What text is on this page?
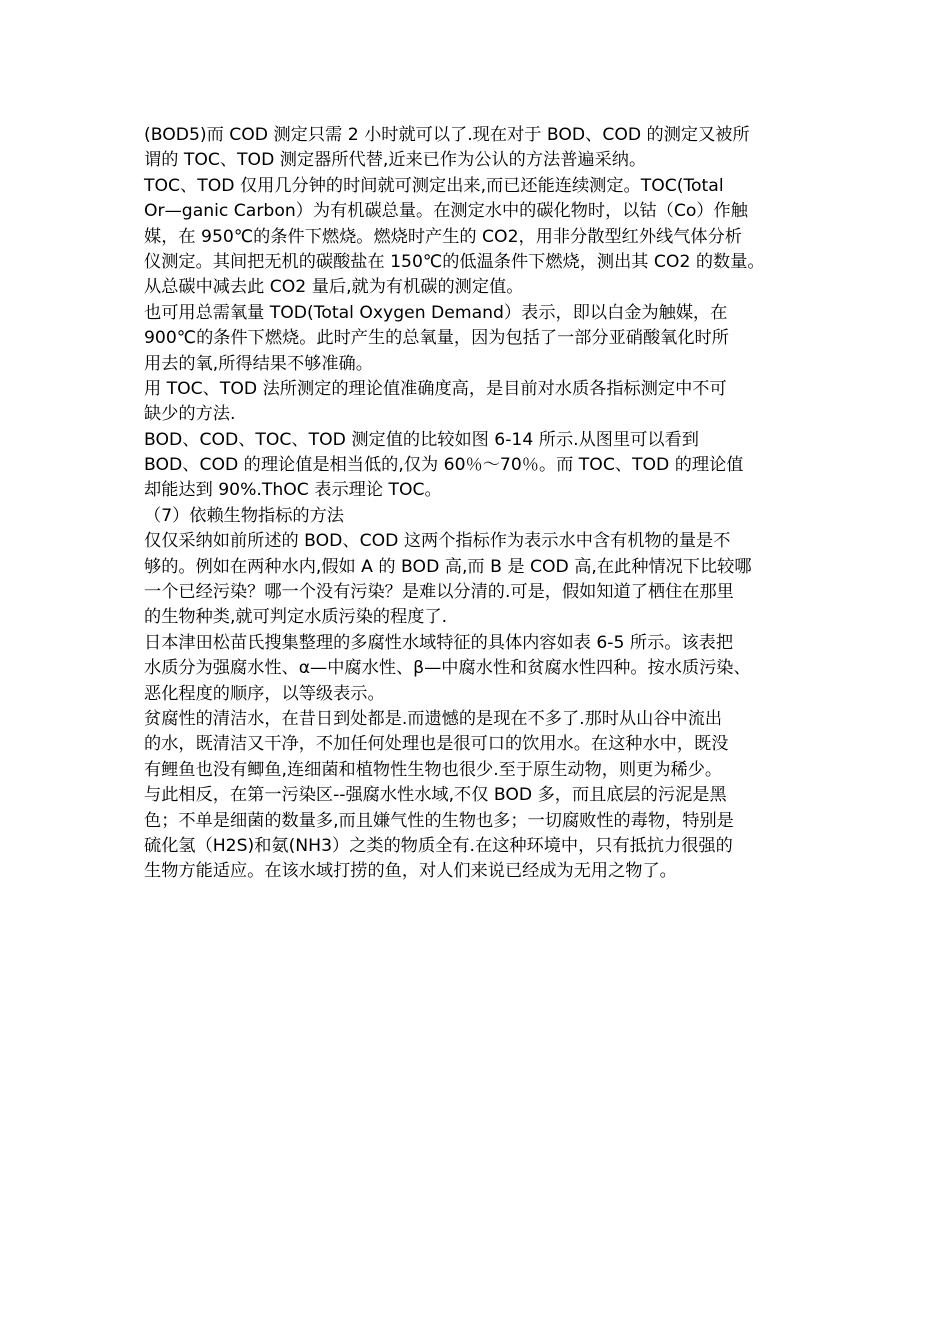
(BOD5)而 COD 测定只需 2 小时就可以了.现在对于 BOD、COD 的测定又被所
谓的 TOC、TOD 测定器所代替,近来已作为公认的方法普遍采纳。
TOC、TOD 仅用几分钟的时间就可测定出来,而已还能连续测定。TOC(Total
Or—ganic Carbon）为有机碳总量。在测定水中的碳化物时，以钴（Co）作触
媒，在 950℃的条件下燃烧。燃烧时产生的 CO2，用非分散型红外线气体分析
仪测定。其间把无机的碳酸盐在 150℃的低温条件下燃烧，测出其 CO2 的数量。
从总碳中减去此 CO2 量后,就为有机碳的测定值。
也可用总需氧量 TOD(Total Oxygen Demand）表示，即以白金为触媒，在
900℃的条件下燃烧。此时产生的总氧量，因为包括了一部分亚硝酸氧化时所
用去的氧,所得结果不够准确。
用 TOC、TOD 法所测定的理论值准确度高，是目前对水质各指标测定中不可
缺少的方法.
BOD、COD、TOC、TOD 测定值的比较如图 6-14 所示.从图里可以看到
BOD、COD 的理论值是相当低的,仅为 60％～70％。而 TOC、TOD 的理论值
却能达到 90%.ThOC 表示理论 TOC。
（7）依赖生物指标的方法
仅仅采纳如前所述的 BOD、COD 这两个指标作为表示水中含有机物的量是不
够的。例如在两种水内,假如 A 的 BOD 高,而 B 是 COD 高,在此种情况下比较哪
一个已经污染？哪一个没有污染？是难以分清的.可是，假如知道了栖住在那里
的生物种类,就可判定水质污染的程度了.
日本津田松苗氏搜集整理的多腐性水域特征的具体内容如表 6-5 所示。该表把
水质分为强腐水性、α—中腐水性、β—中腐水性和贫腐水性四种。按水质污染、
恶化程度的顺序，以等级表示。
贫腐性的清洁水，在昔日到处都是.而遗憾的是现在不多了.那时从山谷中流出
的水，既清洁又干净，不加任何处理也是很可口的饮用水。在这种水中，既没
有鲤鱼也没有鲫鱼,连细菌和植物性生物也很少.至于原生动物，则更为稀少。
与此相反，在第一污染区--强腐水性水域,不仅 BOD 多，而且底层的污泥是黑
色；不单是细菌的数量多,而且嫌气性的生物也多；一切腐败性的毒物，特别是
硫化氢（H2S)和氨(NH3）之类的物质全有.在这种环境中，只有抵抗力很强的
生物方能适应。在该水域打捞的鱼，对人们来说已经成为无用之物了。
